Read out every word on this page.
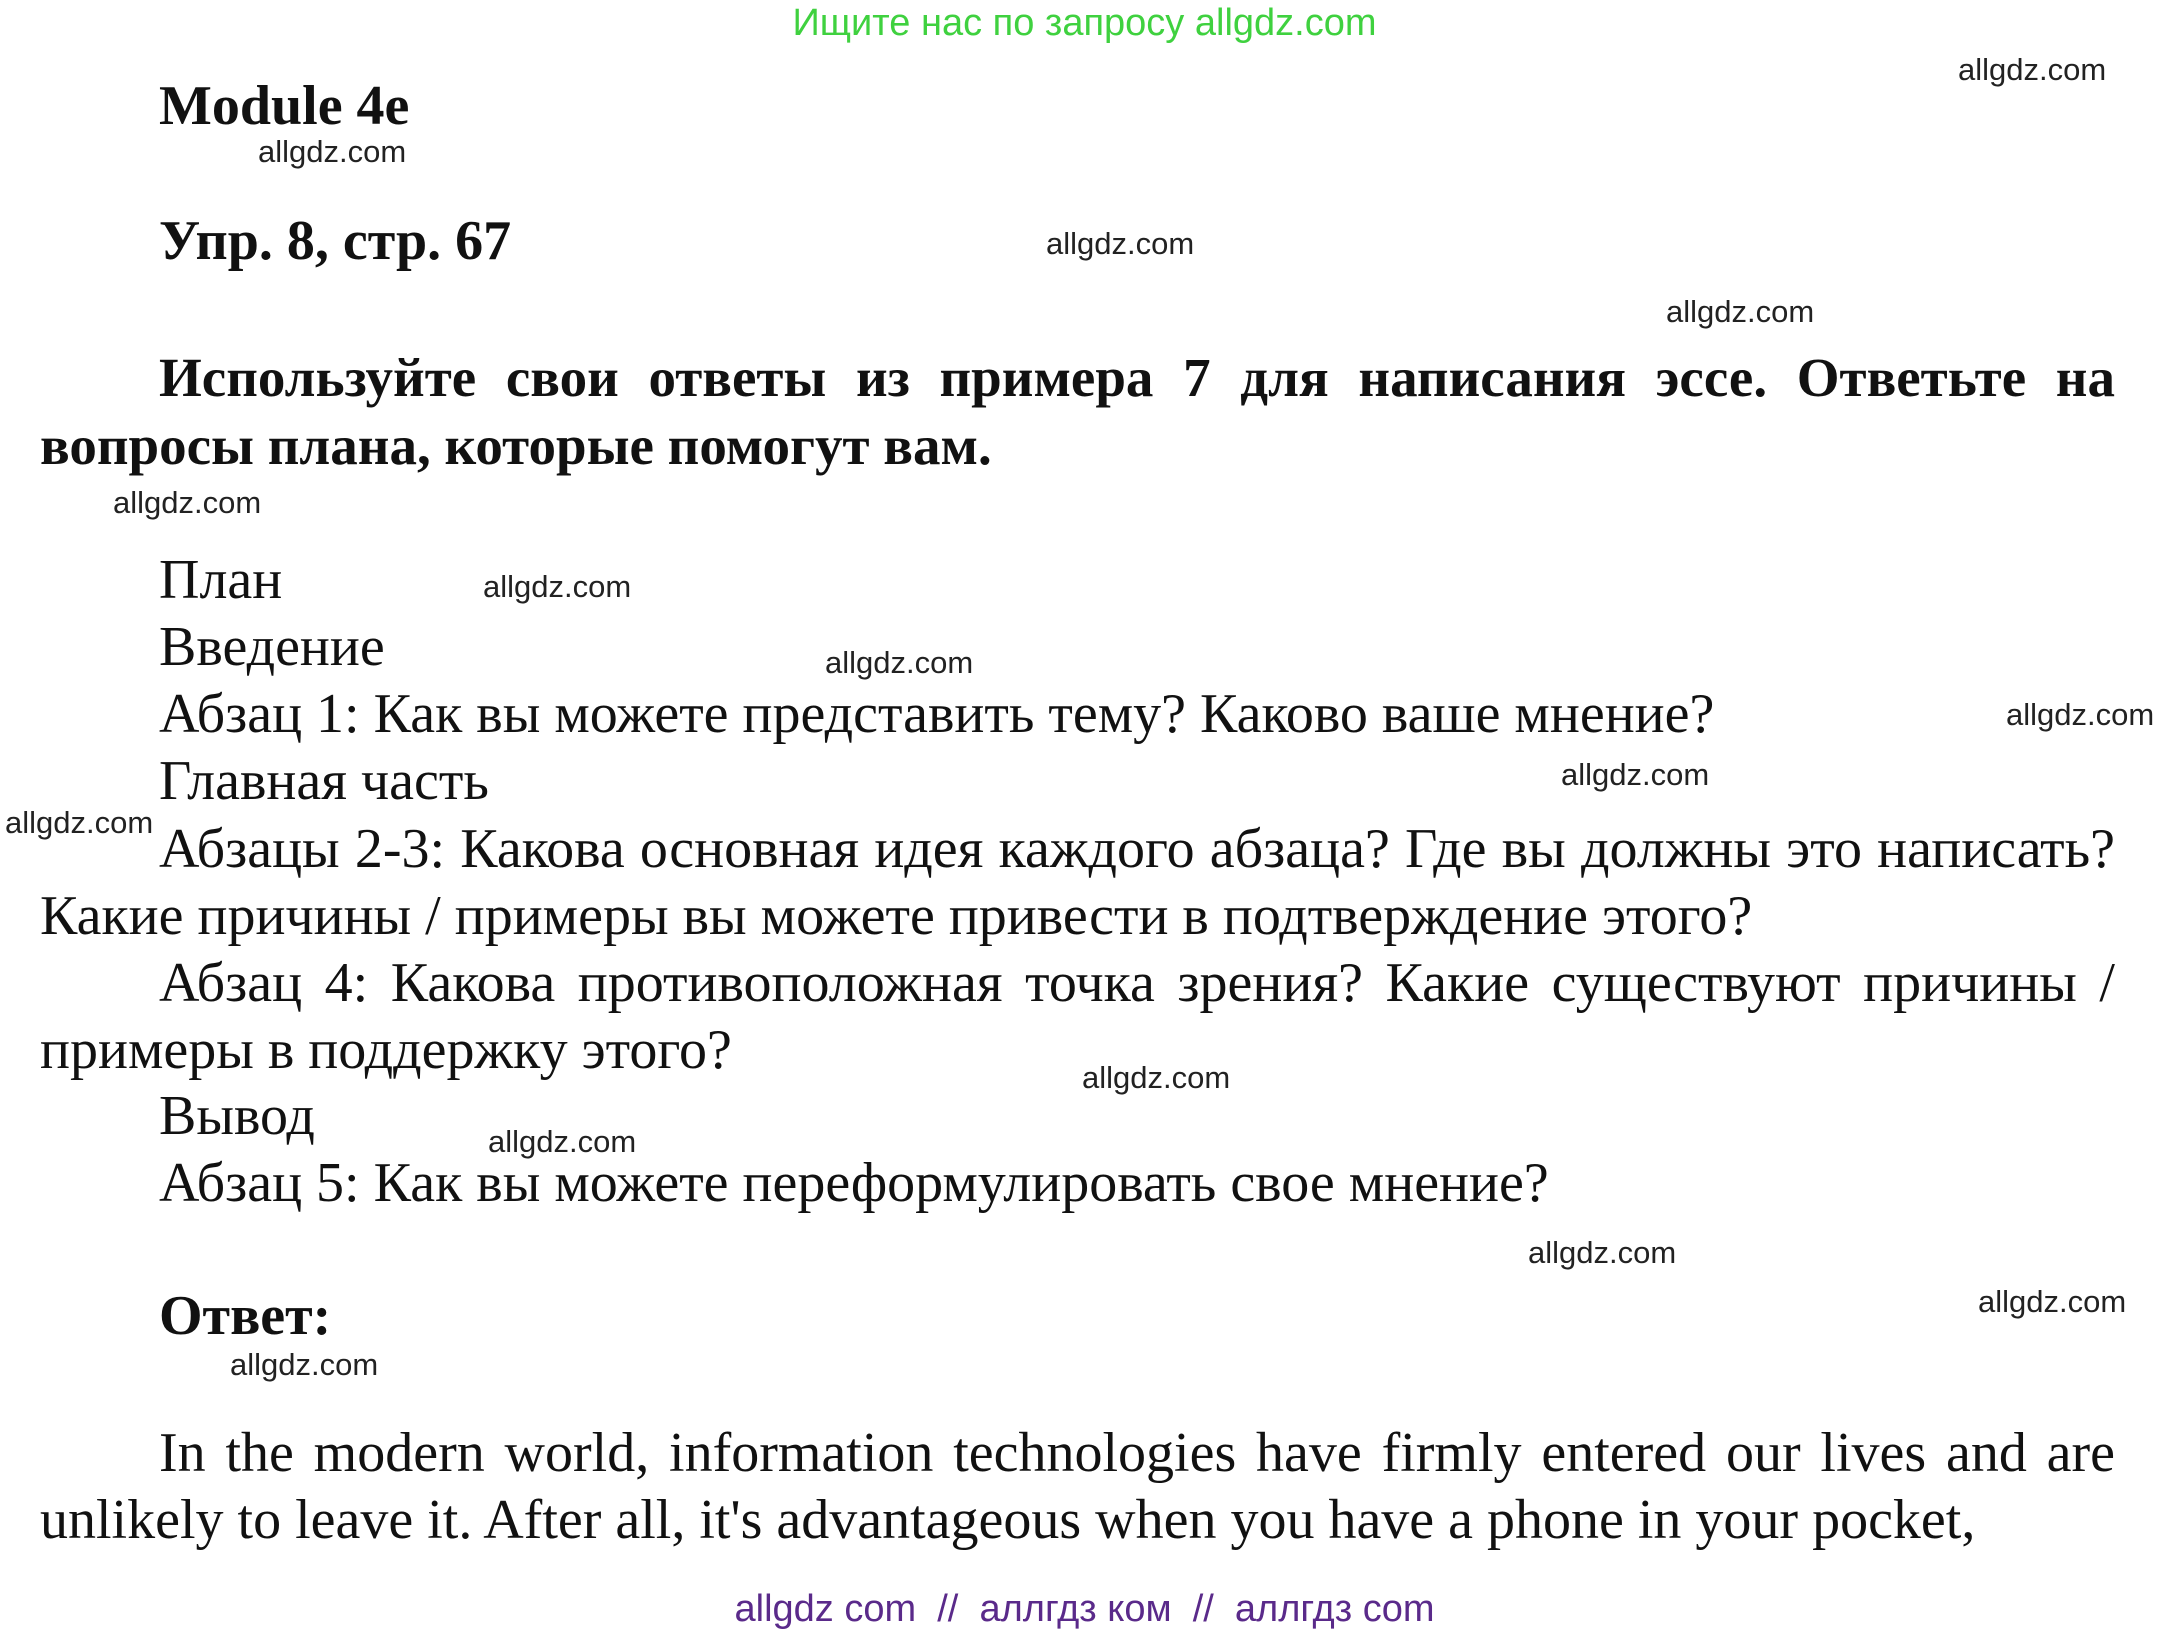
Ищите нас по запросу allgdz.com
Module 4e
Упр. 8, стр. 67
Используйте свои ответы из примера 7 для написания эссе. Ответьте на вопросы плана, которые помогут вам.
План
Введение
Абзац 1: Как вы можете представить тему? Каково ваше мнение?
Главная часть
Абзацы 2-3: Какова основная идея каждого абзаца? Где вы должны это написать? Какие причины / примеры вы можете привести в подтверждение этого?
Абзац 4: Какова противоположная точка зрения? Какие существуют причины / примеры в поддержку этого?
Вывод
Абзац 5: Как вы можете переформулировать свое мнение?
Ответ:
In the modern world, information technologies have firmly entered our lives and are unlikely to leave it. After all, it's advantageous when you have a phone in your pocket,
allgdz.com
allgdz.com
allgdz.com
allgdz.com
allgdz.com
allgdz.com
allgdz.com
allgdz.com
allgdz.com
allgdz.com
allgdz.com
allgdz.com
allgdz.com
allgdz.com
allgdz.com
allgdz com  //  аллгдз ком  //  аллгдз com
